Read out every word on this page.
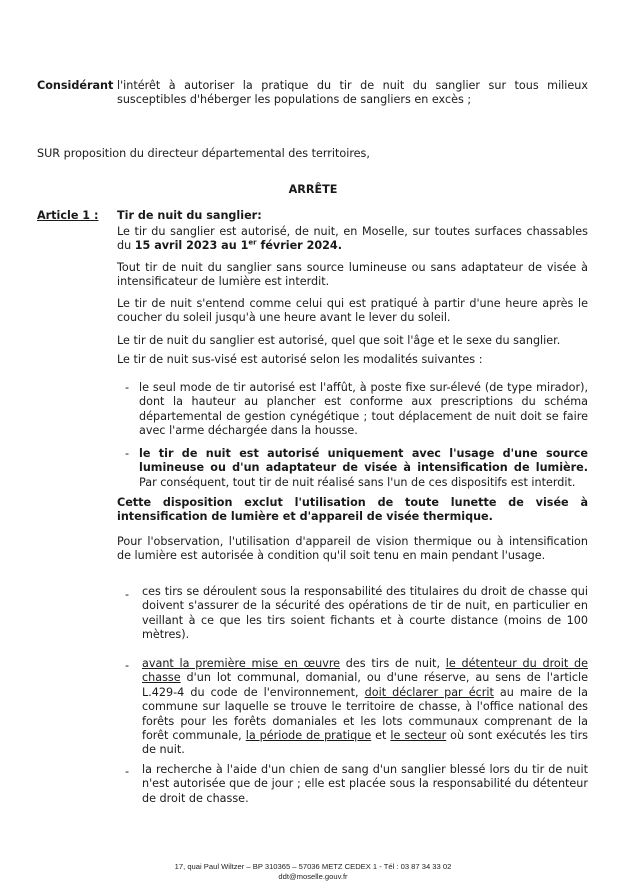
Considérant l'intérêt à autoriser la pratique du tir de nuit du sanglier sur tous milieux susceptibles d'héberger les populations de sangliers en excès ;

SUR proposition du directeur départemental des territoires,

ARRÊTE
Article 1 : Tir de nuit du sanglier:

Le tir du sanglier est autorisé, de nuit, en Moselle, sur toutes surfaces chassables du 15 avril 2023 au 1er février 2024.

Tout tir de nuit du sanglier sans source lumineuse ou sans adaptateur de visée à intensificateur de lumière est interdit.

Le tir de nuit s'entend comme celui qui est pratiqué à partir d'une heure après le coucher du soleil jusqu'à une heure avant le lever du soleil.

Le tir de nuit du sanglier est autorisé, quel que soit l'âge et le sexe du sanglier.

Le tir de nuit sus-visé est autorisé selon les modalités suivantes :

- le seul mode de tir autorisé est l'affût, à poste fixe sur-élevé (de type mirador), dont la hauteur au plancher est conforme aux prescriptions du schéma départemental de gestion cynégétique ; tout déplacement de nuit doit se faire avec l'arme déchargée dans la housse.

- le tir de nuit est autorisé uniquement avec l'usage d'une source lumineuse ou d'un adaptateur de visée à intensification de lumière. Par conséquent, tout tir de nuit réalisé sans l'un de ces dispositifs est interdit.

Cette disposition exclut l'utilisation de toute lunette de visée à intensification de lumière et d'appareil de visée thermique.

Pour l'observation, l'utilisation d'appareil de vision thermique ou à intensification de lumière est autorisée à condition qu'il soit tenu en main pendant l'usage.

-	ces tirs se déroulent sous la responsabilité des titulaires du droit de chasse qui doivent s'assurer de la sécurité des opérations de tir de nuit, en particulier en veillant à ce que les tirs soient fichants et à courte distance (moins de 100 mètres).

-	avant la première mise en œuvre des tirs de nuit, le détenteur du droit de chasse d'un lot communal, domanial, ou d'une réserve, au sens de l'article L.429-4 du code de l'environnement, doit déclarer par écrit au maire de la commune sur laquelle se trouve le territoire de chasse, à l'office national des forêts pour les forêts domaniales et les lots communaux comprenant de la forêt communale, la période de pratique et le secteur où sont exécutés les tirs de nuit.

-	la recherche à l'aide d'un chien de sang d'un sanglier blessé lors du tir de nuit n'est autorisée que de jour ; elle est placée sous la responsabilité du détenteur de droit de chasse.

17, quai Paul Wiltzer – BP 310365 – 57036 METZ CEDEX 1 - Tél : 03 87 34 33 02
ddt@moselle.gouv.fr
